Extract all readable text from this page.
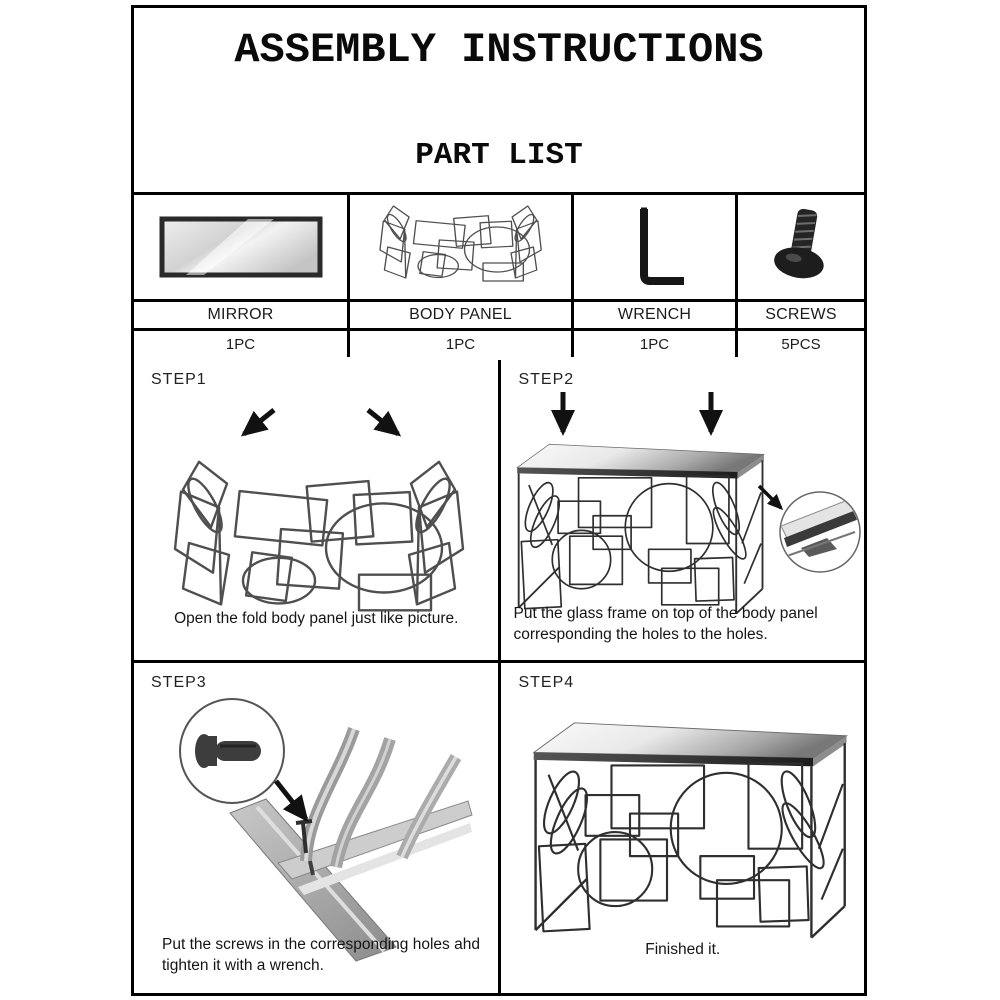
ASSEMBLY INSTRUCTIONS
PART LIST
MIRROR	BODY PANEL	WRENCH	SCREWS
1PC	1PC	1PC	5PCS
STEP1
Open the fold body panel just like picture.
STEP2
Put the glass frame on top of the body panel corresponding the holes to the holes.
STEP3
Put the screws in the corresponding holes ahd tighten it with a wrench.
STEP4
Finished it.
